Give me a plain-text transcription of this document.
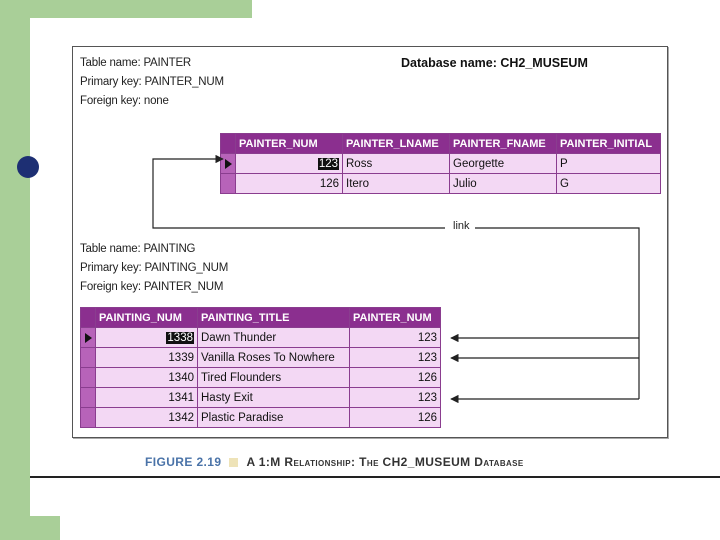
Table name: PAINTER
Primary key: PAINTER_NUM
Foreign key: none
Database name: CH2_MUSEUM
	PAINTER_NUM	PAINTER_LNAME	PAINTER_FNAME	PAINTER_INITIAL
	123	Ross	Georgette	P
	126	Itero	Julio	G
Table name: PAINTING
Primary key: PAINTING_NUM
Foreign key: PAINTER_NUM
	PAINTING_NUM	PAINTING_TITLE	PAINTER_NUM
	1338	Dawn Thunder	123
	1339	Vanilla Roses To Nowhere	123
	1340	Tired Flounders	126
	1341	Hasty Exit	123
	1342	Plastic Paradise	126
link
FIGURE 2.19 A 1:M Relationship: The CH2_MUSEUM Database
